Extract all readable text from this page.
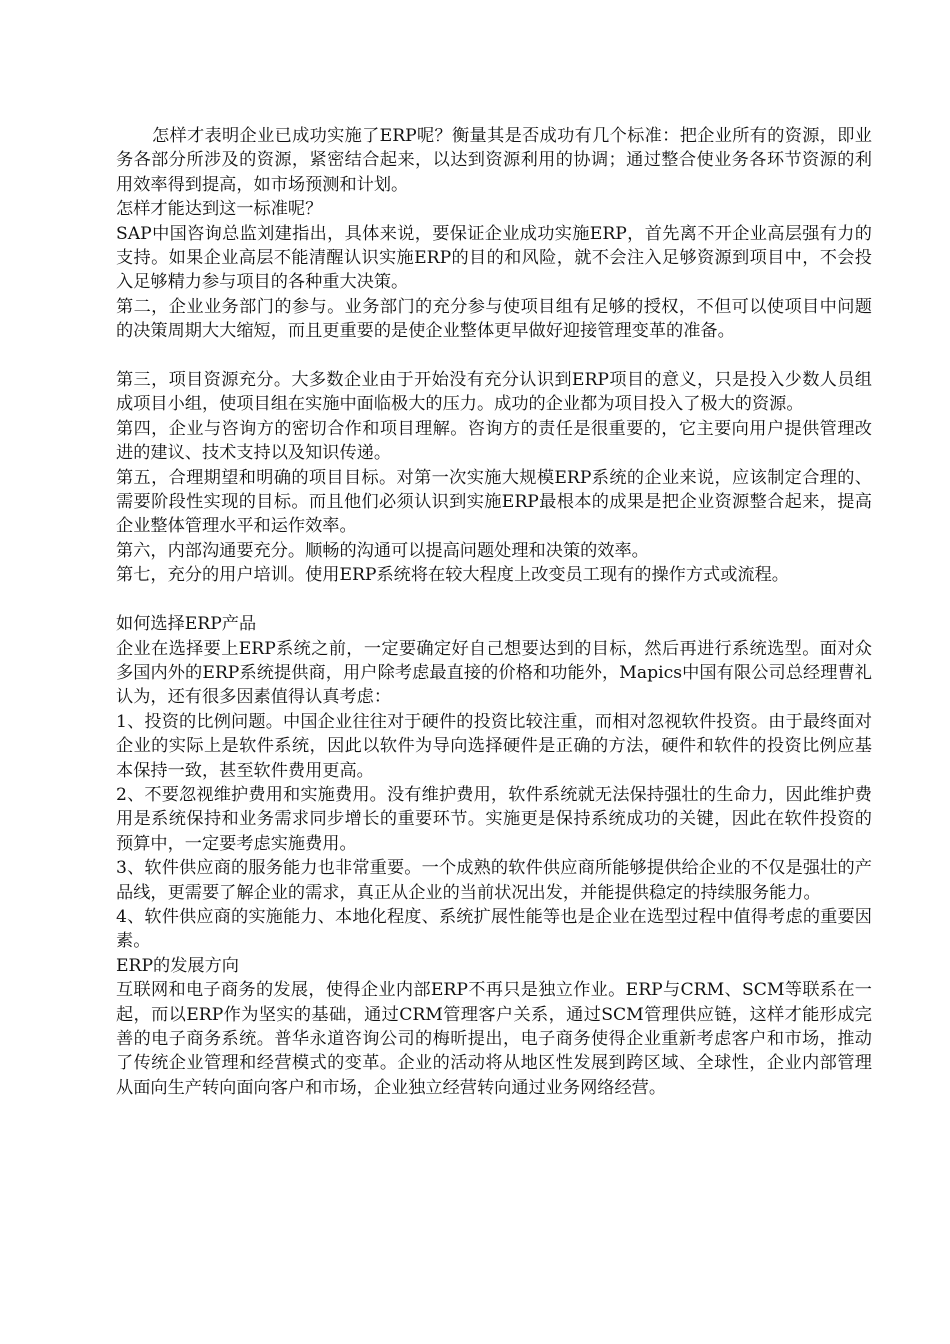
怎样才表明企业已成功实施了ERP呢？衡量其是否成功有几个标准：把企业所有的资源，即业务各部分所涉及的资源，紧密结合起来，以达到资源利用的协调；通过整合使业务各环节资源的利用效率得到提高，如市场预测和计划。

怎样才能达到这一标准呢？

SAP中国咨询总监刘建指出，具体来说，要保证企业成功实施ERP，首先离不开企业高层强有力的支持。如果企业高层不能清醒认识实施ERP的目的和风险，就不会注入足够资源到项目中，不会投入足够精力参与项目的各种重大决策。

第二，企业业务部门的参与。业务部门的充分参与使项目组有足够的授权，不但可以使项目中问题的决策周期大大缩短，而且更重要的是使企业整体更早做好迎接管理变革的准备。

第三，项目资源充分。大多数企业由于开始没有充分认识到ERP项目的意义，只是投入少数人员组成项目小组，使项目组在实施中面临极大的压力。成功的企业都为项目投入了极大的资源。

第四，企业与咨询方的密切合作和项目理解。咨询方的责任是很重要的，它主要向用户提供管理改进的建议、技术支持以及知识传递。

第五，合理期望和明确的项目目标。对第一次实施大规模ERP系统的企业来说，应该制定合理的、需要阶段性实现的目标。而且他们必须认识到实施ERP最根本的成果是把企业资源整合起来，提高企业整体管理水平和运作效率。

第六，内部沟通要充分。顺畅的沟通可以提高问题处理和决策的效率。

第七，充分的用户培训。使用ERP系统将在较大程度上改变员工现有的操作方式或流程。

如何选择ERP产品

企业在选择要上ERP系统之前，一定要确定好自己想要达到的目标，然后再进行系统选型。面对众多国内外的ERP系统提供商，用户除考虑最直接的价格和功能外，Mapics中国有限公司总经理曹礼认为，还有很多因素值得认真考虑：

1、投资的比例问题。中国企业往往对于硬件的投资比较注重，而相对忽视软件投资。由于最终面对企业的实际上是软件系统，因此以软件为导向选择硬件是正确的方法，硬件和软件的投资比例应基本保持一致，甚至软件费用更高。

2、不要忽视维护费用和实施费用。没有维护费用，软件系统就无法保持强壮的生命力，因此维护费用是系统保持和业务需求同步增长的重要环节。实施更是保持系统成功的关键，因此在软件投资的预算中，一定要考虑实施费用。

3、软件供应商的服务能力也非常重要。一个成熟的软件供应商所能够提供给企业的不仅是强壮的产品线，更需要了解企业的需求，真正从企业的当前状况出发，并能提供稳定的持续服务能力。

4、软件供应商的实施能力、本地化程度、系统扩展性能等也是企业在选型过程中值得考虑的重要因素。

ERP的发展方向

互联网和电子商务的发展，使得企业内部ERP不再只是独立作业。ERP与CRM、SCM等联系在一起，而以ERP作为坚实的基础，通过CRM管理客户关系，通过SCM管理供应链，这样才能形成完善的电子商务系统。普华永道咨询公司的梅昕提出，电子商务使得企业重新考虑客户和市场，推动了传统企业管理和经营模式的变革。企业的活动将从地区性发展到跨区域、全球性，企业内部管理从面向生产转向面向客户和市场，企业独立经营转向通过业务网络经营。
